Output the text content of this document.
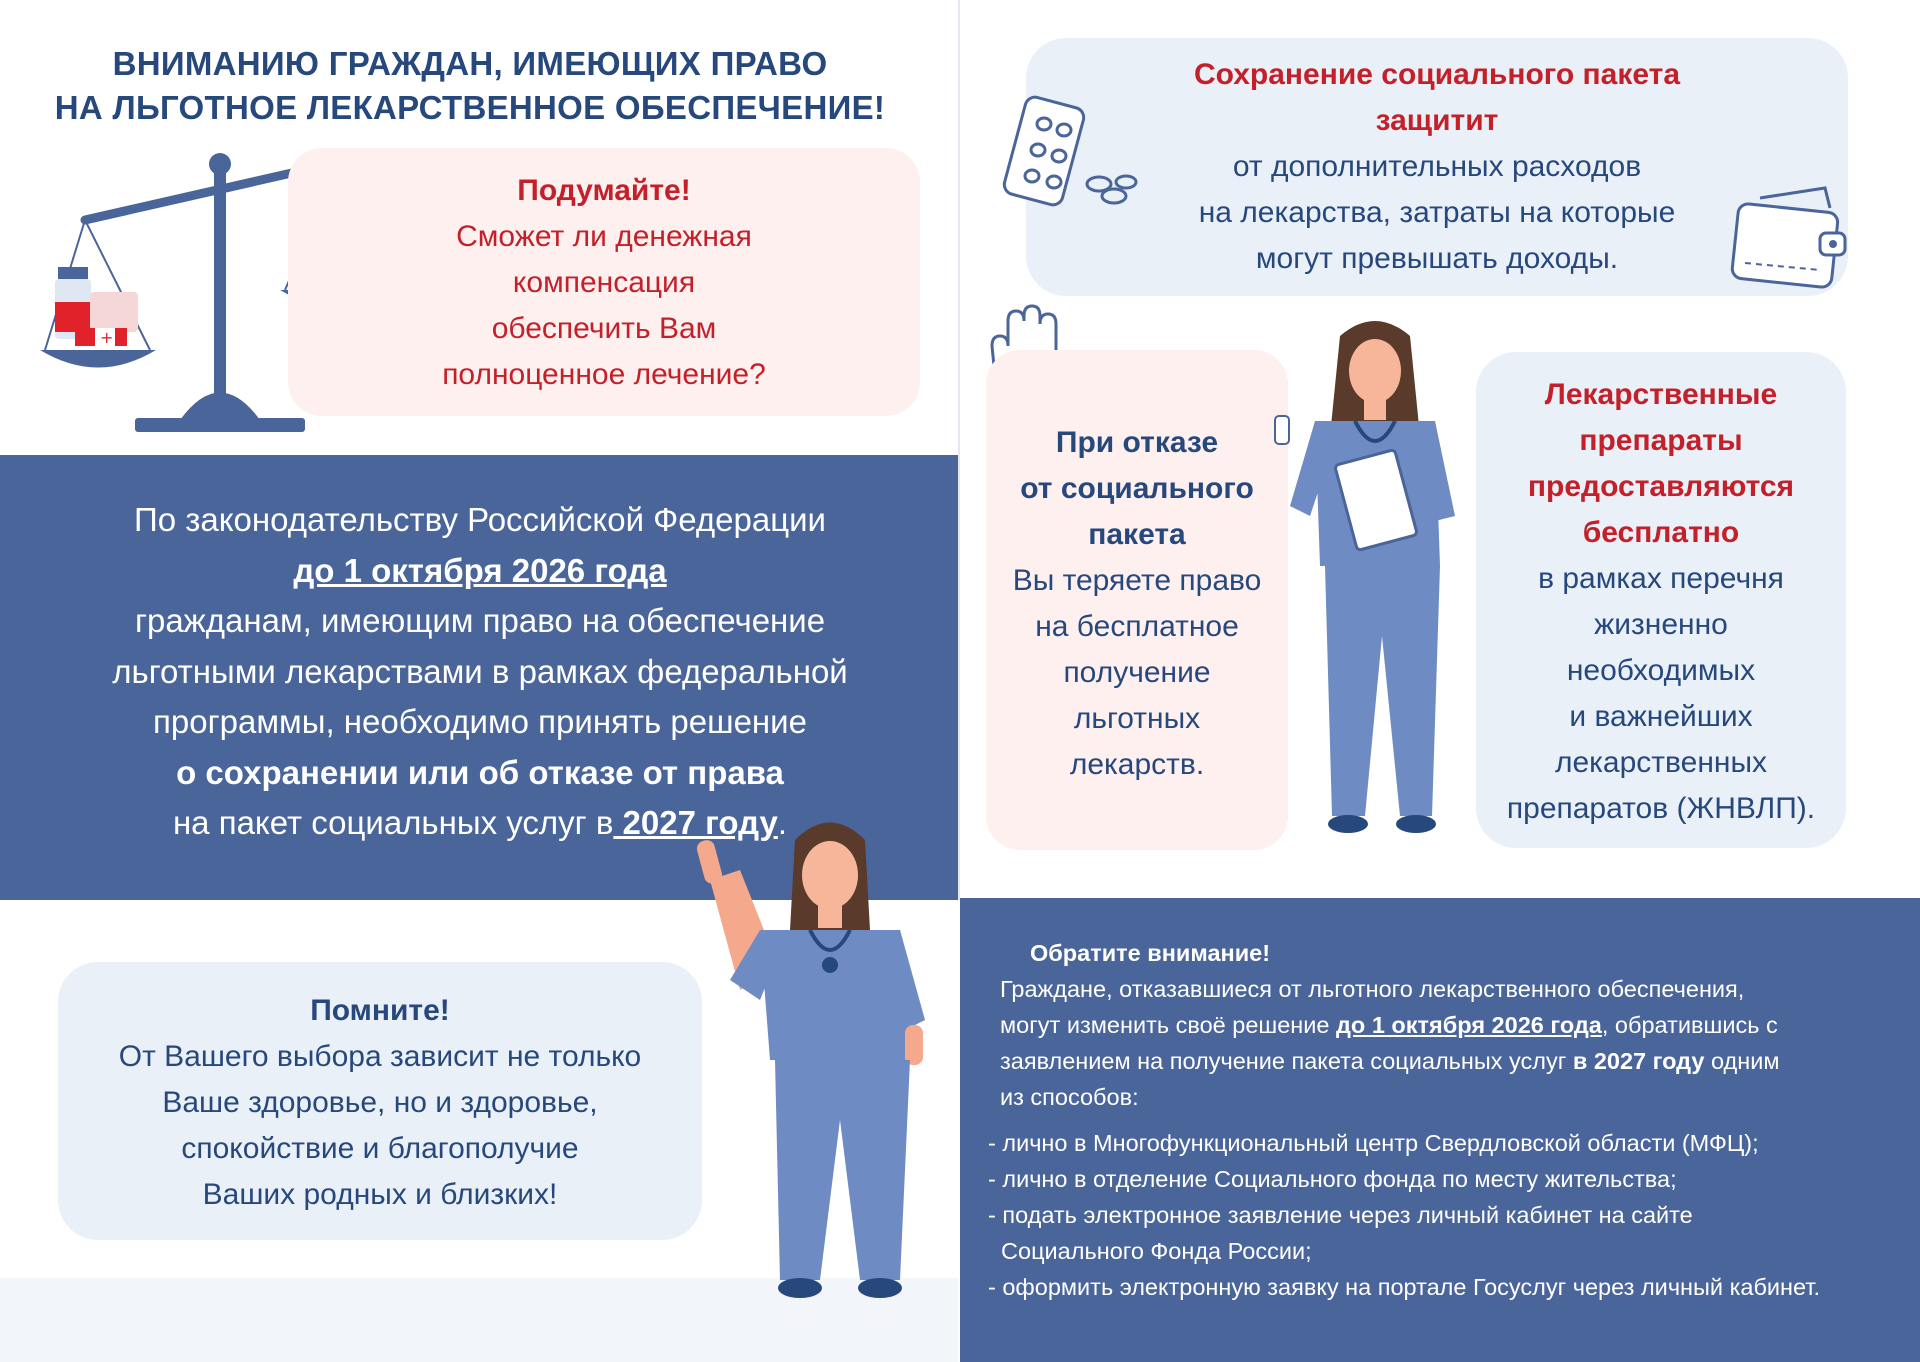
ВНИМАНИЮ ГРАЖДАН, ИМЕЮЩИХ ПРАВО
НА ЛЬГОТНОЕ ЛЕКАРСТВЕННОЕ ОБЕСПЕЧЕНИЕ!
+
Подумайте!
Сможет ли денежная
компенсация
обеспечить Вам
полноценное лечение?
По законодательству Российской Федерации
до 1 октября 2026 года
гражданам, имеющим право на обеспечение
льготными лекарствами в рамках федеральной
программы, необходимо принять решение
о сохранении или об отказе от права
на пакет социальных услуг в 2027 году.
Помните!
От Вашего выбора зависит не только
Ваше здоровье, но и здоровье,
спокойствие и благополучие
Ваших родных и близких!
Сохранение социального пакета
защитит
от дополнительных расходов
на лекарства, затраты на которые
могут превышать доходы.
При отказе
от социального
пакета
Вы теряете право
на бесплатное
получение
льготных
лекарств.
Лекарственные
препараты
предоставляются
бесплатно
в рамках перечня
жизненно
необходимых
и важнейших
лекарственных
препаратов (ЖНВЛП).
Обратите внимание!
Граждане, отказавшиеся от льготного лекарственного обеспечения,
могут изменить своё решение до 1 октября 2026 года, обратившись с
заявлением на получение пакета социальных услуг в 2027 году одним
из способов:
- лично в Многофункциональный центр Свердловской области (МФЦ);
- лично в отделение Социального фонда по месту жительства;
- подать электронное заявление через личный кабинет на сайте
Социального Фонда России;
- оформить электронную заявку на портале Госуслуг через личный кабинет.
